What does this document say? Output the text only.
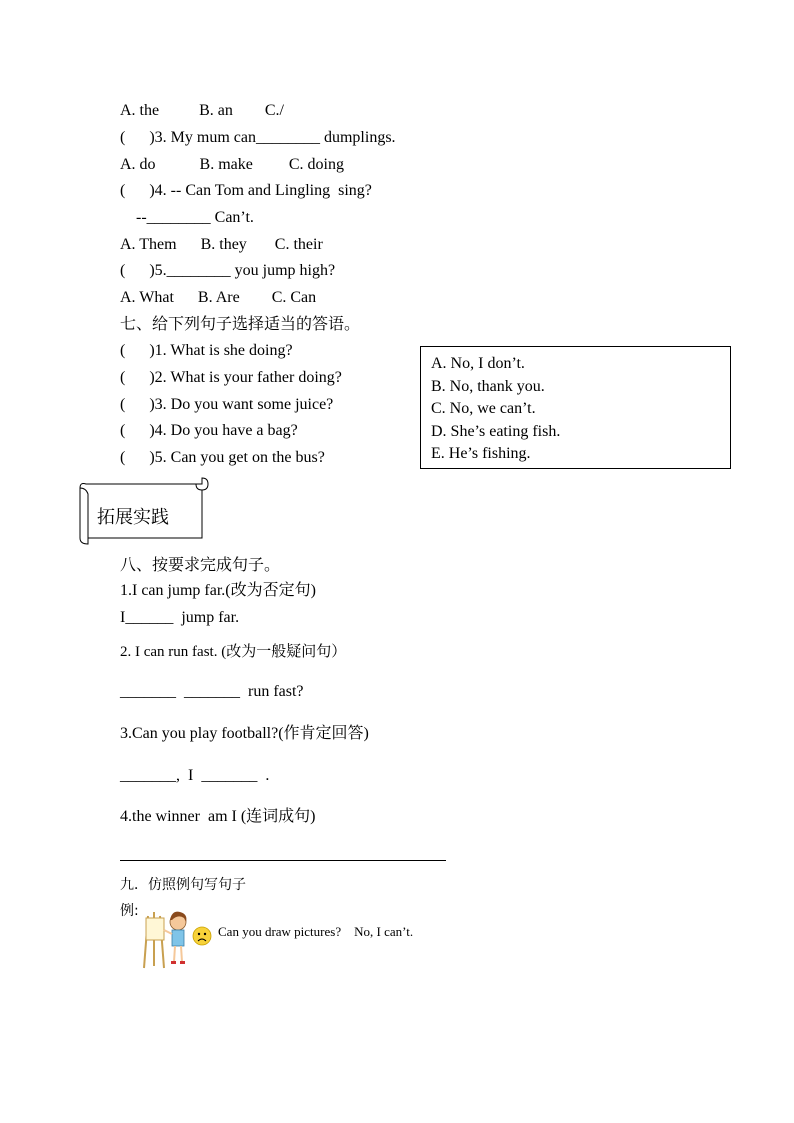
A. the          B. an        C./
(      )3. My mum can________ dumplings.
A. do           B. make         C. doing
(      )4. -- Can Tom and Lingling  sing?
--________ Can’t.
A. Them      B. they       C. their
(      )5.________ you jump high?
A. What      B. Are        C. Can
七、给下列句子选择适当的答语。
(      )1. What is she doing?
(      )2. What is your father doing?
(      )3. Do you want some juice?
(      )4. Do you have a bag?
(      )5. Can you get on the bus?
A. No, I don’t.
B. No, thank you.
C. No, we can’t.
D. She’s eating fish.
E. He’s fishing.
拓展实践
八、按要求完成句子。
1.I can jump far.(改为否定句)
I______  jump far.
2. I can run fast. (改为一般疑问句）
_______  _______  run fast?
3.Can you play football?(作肯定回答)
_______,  I  _______  .
4.the winner  am I (连词成句)
九．仿照例句写句子
例:
Can you draw pictures?    No, I can’t.
